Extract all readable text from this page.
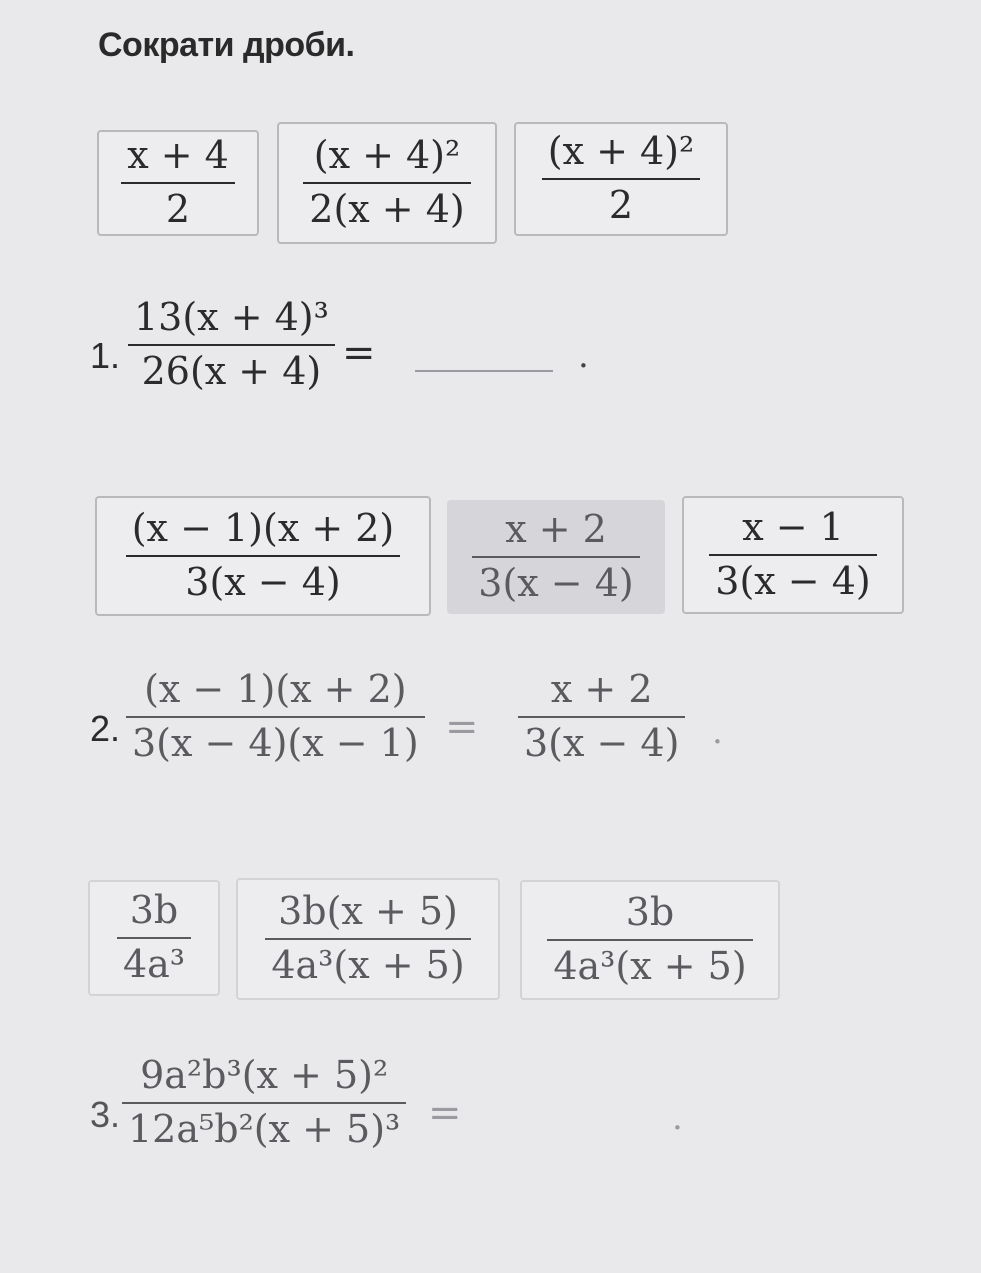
Сократи дроби.
$\frac{x + 4}{2} \frac{\text{(x + 4)²}}{2(x + 4)} \frac{\text{(x + 4)²}}{2}$
1. $\frac{\text{13(x + 4)³}}{26(x + 4)}$ =	.
$\frac{(x - 1)(x + 2)}{3(x - 4)} \frac{x + 2}{3(x - 4)} \frac{x - 1}{3(x - 4)}$
2. $\frac{(x - 1)(x + 2)}{3(x - 4)(x - 1)} = \frac{x + 2}{3(x - 4)}$ .
$\frac{3b}{\text{4a³}} \frac{3b(x + 5)}{\text{4a³(x + 5)}} \frac{3b}{\text{4a³(x + 5)}}$
3. $\frac{\text{9a²b³(x + 5)²}}{\text{12a⁵b²(x + 5)³}}$ =	.
